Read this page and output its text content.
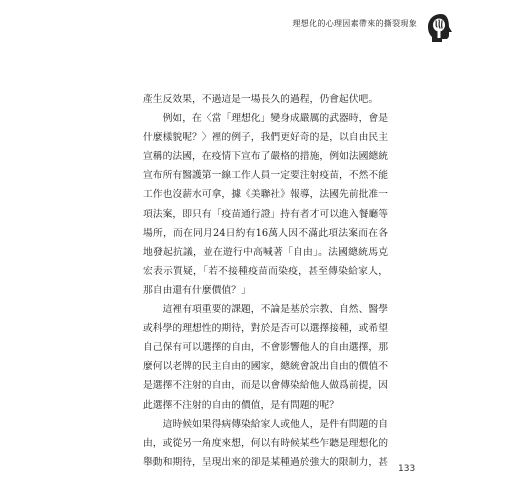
理想化的心理因素帶來的撕裂現象

產生反效果，不過這是一場長久的過程，仍會起伏吧。

例如，在〈當「理想化」變身成嚴厲的武器時，會是什麼樣貌呢？〉裡的例子，我們更好奇的是，以自由民主宣稱的法國，在疫情下宣布了嚴格的措施，例如法國總統宣布所有醫護第一線工作人員一定要注射疫苗，不然不能工作也沒薪水可拿，據《美聯社》報導，法國先前批准一項法案，即只有「疫苗通行證」持有者才可以進入餐廳等場所，而在同月24日約有16萬人因不滿此項法案而在各地發起抗議，並在遊行中高喊著「自由」。法國總統馬克宏表示質疑，「若不接種疫苗而染疫，甚至傳染給家人，那自由還有什麼價值？」

這裡有項重要的課題，不論是基於宗教、自然、醫學或科學的理想性的期待，對於是否可以選擇接種，或希望自己保有可以選擇的自由，不會影響他人的自由選擇，那麼何以老牌的民主自由的國家，總統會說出自由的價值不是選擇不注射的自由，而是以會傳染給他人做爲前提，因此選擇不注射的自由的價值，是有問題的呢？

這時候如果得病傳染給家人或他人，是件有問題的自由，或從另一角度來想，何以有時候某些乍聽是理想化的舉動和期待，呈現出來的卻是某種過於強大的限制力，甚

133
